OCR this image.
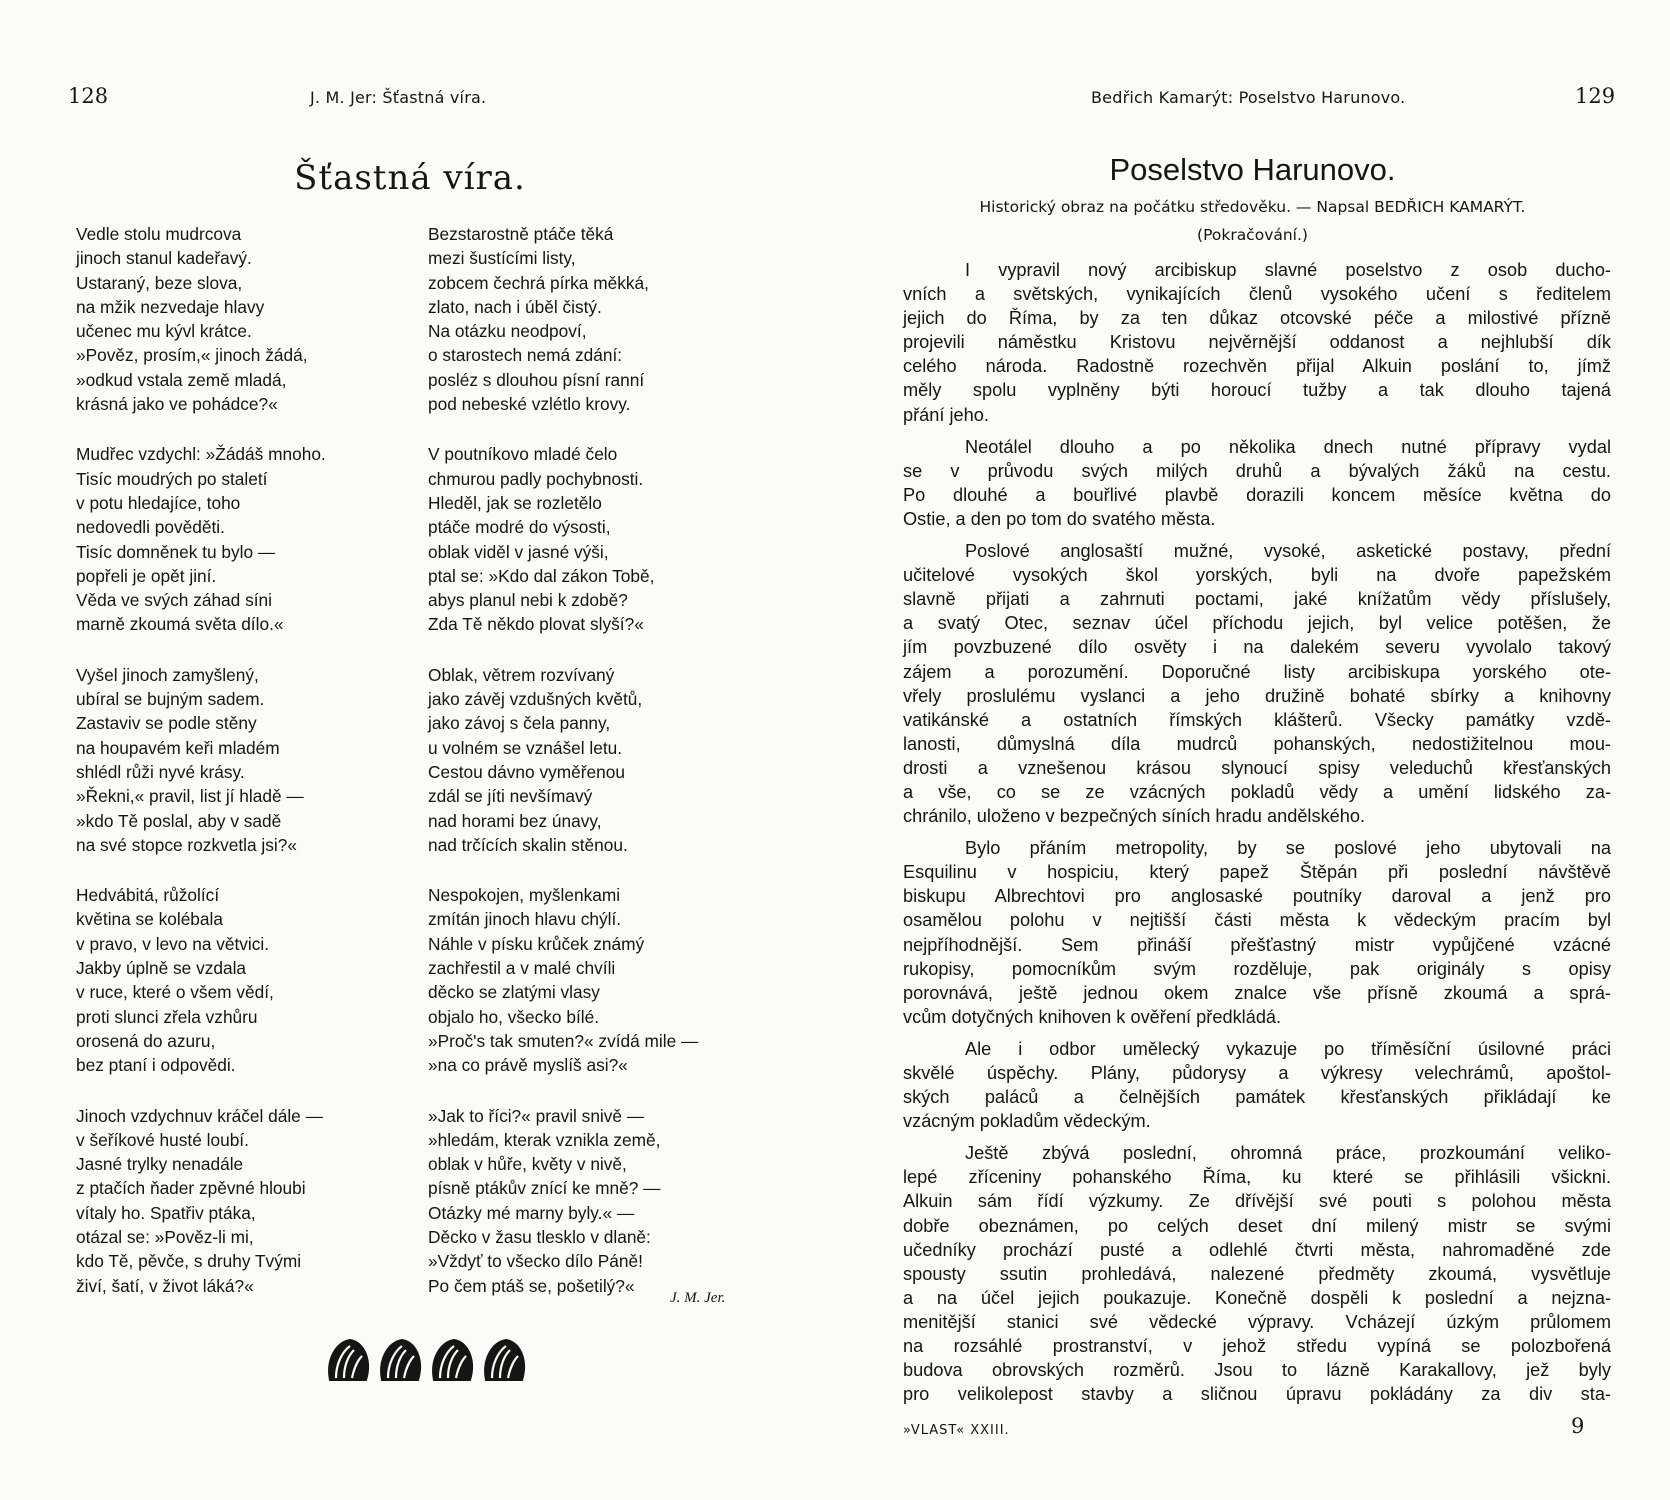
128	J. M. Jer: Šťastná víra.
Šťastná víra.
Vedle stolu mudrcova
jinoch stanul kadeřavý.
Ustaraný, beze slova,
na mžik nezvedaje hlavy
učenec mu kývl krátce.
»Pověz, prosím,« jinoch žádá,
»odkud vstala země mladá,
krásná jako ve pohádce?«
Mudřec vzdychl: »Žádáš mnoho.
Tisíc moudrých po staletí
v potu hledajíce, toho
nedovedli pověděti.
Tisíc domněnek tu bylo —
popřeli je opět jiní.
Věda ve svých záhad síni
marně zkoumá světa dílo.«
Vyšel jinoch zamyšlený,
ubíral se bujným sadem.
Zastaviv se podle stěny
na houpavém keři mladém
shlédl růži nyvé krásy.
»Řekni,« pravil, list jí hladě —
»kdo Tě poslal, aby v sadě
na své stopce rozkvetla jsi?«
Hedvábitá, růžolící
květina se kolébala
v pravo, v levo na větvici.
Jakby úplně se vzdala
v ruce, které o všem vědí,
proti slunci zřela vzhůru
orosená do azuru,
bez ptaní i odpovědi.
Jinoch vzdychnuv kráčel dále —
v šeříkové husté loubí.
Jasné trylky nenadále
z ptačích ňader zpěvné hloubi
vítaly ho. Spatřiv ptáka,
otázal se: »Pověz-li mi,
kdo Tě, pěvče, s druhy Tvými
živí, šatí, v život láká?«
Bezstarostně ptáče těká
mezi šustícími listy,
zobcem čechrá pírka měkká,
zlato, nach i úběl čistý.
Na otázku neodpoví,
o starostech nemá zdání:
posléz s dlouhou písní ranní
pod nebeské vzlétlo krovy.
V poutníkovo mladé čelo
chmurou padly pochybnosti.
Hleděl, jak se rozletělo
ptáče modré do výsosti,
oblak viděl v jasné výši,
ptal se: »Kdo dal zákon Tobě,
abys planul nebi k zdobě?
Zda Tě někdo plovat slyší?«
Oblak, větrem rozvívaný
jako závěj vzdušných květů,
jako závoj s čela panny,
u volném se vznášel letu.
Cestou dávno vyměřenou
zdál se jíti nevšímavý
nad horami bez únavy,
nad trčících skalin stěnou.
Nespokojen, myšlenkami
zmítán jinoch hlavu chýlí.
Náhle v písku krůček známý
zachřestil a v malé chvíli
děcko se zlatými vlasy
objalo ho, všecko bílé.
»Proč's tak smuten?« zvídá mile —
»na co právě myslíš asi?«
»Jak to říci?« pravil snivě —
»hledám, kterak vznikla země,
oblak v hůře, květy v nivě,
písně ptákův znící ke mně? —
Otázky mé marny byly.« —
Děcko v žasu tlesklo v dlaně:
»Vždyť to všecko dílo Páně!
Po čem ptáš se, pošetilý?«
J. M. Jer.
Bedřich Kamarýt: Poselstvo Harunovo.	129
Poselstvo Harunovo.
Historický obraz na počátku středověku. — Napsal BEDŘICH KAMARÝT.
(Pokračování.)
I vypravil nový arcibiskup slavné poselstvo z osob ducho-
vních a světských, vynikajících členů vysokého učení s ředitelem
jejich do Říma, by za ten důkaz otcovské péče a milostivé přízně
projevili náměstku Kristovu nejvěrnější oddanost a nejhlubší dík
celého národa. Radostně rozechvěn přijal Alkuin poslání to, jímž
měly spolu vyplněny býti horoucí tužby a tak dlouho tajená
přání jeho.
Neotálel dlouho a po několika dnech nutné přípravy vydal
se v průvodu svých milých druhů a bývalých žáků na cestu.
Po dlouhé a bouřlivé plavbě dorazili koncem měsíce května do
Ostie, a den po tom do svatého města.
Poslové anglosaští mužné, vysoké, asketické postavy, přední
učitelové vysokých škol yorských, byli na dvoře papežském
slavně přijati a zahrnuti poctami, jaké knížatům vědy příslušely,
a svatý Otec, seznav účel příchodu jejich, byl velice potěšen, že
jím povzbuzené dílo osvěty i na dalekém severu vyvolalo takový
zájem a porozumění. Doporučné listy arcibiskupa yorského ote-
vřely proslulému vyslanci a jeho družině bohaté sbírky a knihovny
vatikánské a ostatních římských klášterů. Všecky památky vzdě-
lanosti, důmyslná díla mudrců pohanských, nedostižitelnou mou-
drosti a vznešenou krásou slynoucí spisy veleduchů křesťanských
a vše, co se ze vzácných pokladů vědy a umění lidského za-
chránilo, uloženo v bezpečných síních hradu andělského.
Bylo přáním metropolity, by se poslové jeho ubytovali na
Esquilinu v hospiciu, který papež Štěpán při poslední návštěvě
biskupu Albrechtovi pro anglosaské poutníky daroval a jenž pro
osamělou polohu v nejtišší části města k vědeckým pracím byl
nejpříhodnější. Sem přináší přešťastný mistr vypůjčené vzácné
rukopisy, pomocníkům svým rozděluje, pak originály s opisy
porovnává, ještě jednou okem znalce vše přísně zkoumá a sprá-
vcům dotyčných knihoven k ověření předkládá.
Ale i odbor umělecký vykazuje po tříměsíční úsilovné práci
skvělé úspěchy. Plány, půdorysy a výkresy velechrámů, apoštol-
ských paláců a čelnějších památek křesťanských přikládají ke
vzácným pokladům vědeckým.
Ještě zbývá poslední, ohromná práce, prozkoumání veliko-
lepé zříceniny pohanského Říma, ku které se přihlásili všickni.
Alkuin sám řídí výzkumy. Ze dřívější své pouti s polohou města
dobře obeznámen, po celých deset dní milený mistr se svými
učedníky prochází pusté a odlehlé čtvrti města, nahromaděné zde
spousty ssutin prohledává, nalezené předměty zkoumá, vysvětluje
a na účel jejich poukazuje. Konečně dospěli k poslední a nejzna-
menitější stanici své vědecké výpravy. Vcházejí úzkým průlomem
na rozsáhlé prostranství, v jehož středu vypíná se polozbořená
budova obrovských rozměrů. Jsou to lázně Karakallovy, jež byly
pro velikolepost stavby a sličnou úpravu pokládány za div sta-
»VLAST« XXIII.	9
